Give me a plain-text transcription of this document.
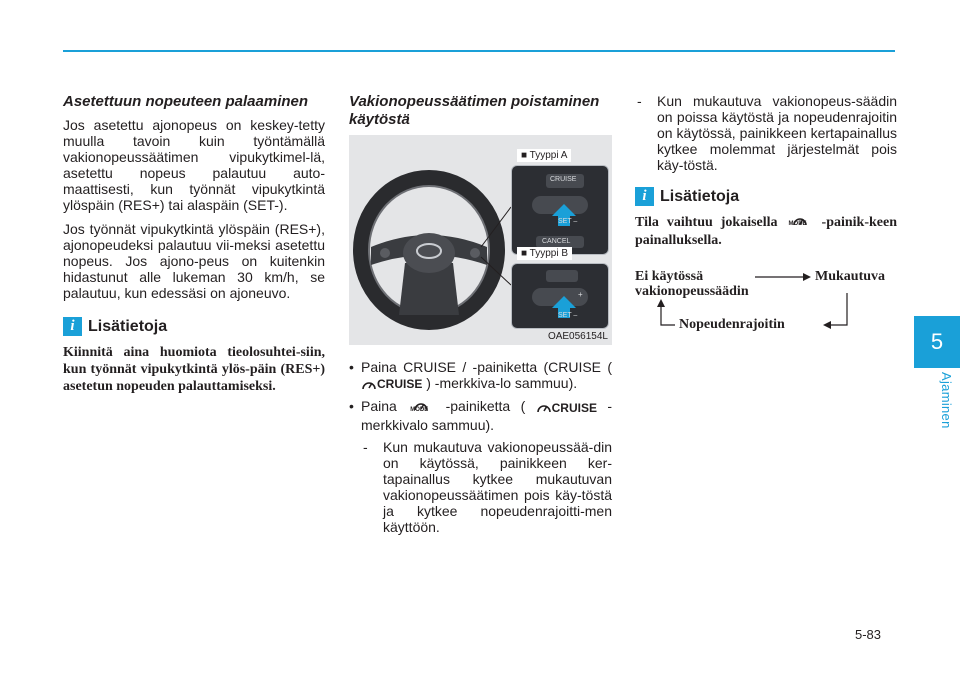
Asetettuun nopeuteen palaaminen

Jos asetettu ajonopeus on keskey-tetty muulla tavoin kuin työntämällä vakionopeussäätimen vipukytkimel-lä, asetettu nopeus palautuu auto-maattisesti, kun työnnät vipukytkintä ylöspäin (RES+) tai alaspäin (SET-).

Jos työnnät vipukytkintä ylöspäin (RES+), ajonopeudeksi palautuu vii-meksi asetettu nopeus. Jos ajono-peus on kuitenkin hidastunut alle lukeman 30 km/h, se palautuu, kun edessäsi on ajoneuvo.

i Lisätietoja

Kiinnitä aina huomiota tieolosuhtei-siin, kun työnnät vipukytkintä ylös-päin (RES+) asetetun nopeuden palauttamiseksi.

Vakionopeussäätimen poistaminen käytöstä
■ Tyyppi A
CRUISE
SET –
CANCEL
■ Tyyppi B
+
SET –
OAE056154L
• Paina CRUISE / -painiketta (CRUISE (
CRUISE ) -merkkiva-lo sammuu).
• Paina MODE -painiketta ( CRUISE -merkkivalo sammuu).
-	Kun mukautuva vakionopeussää-din on käytössä, painikkeen ker-tapainallus kytkee mukautuvan vakionopeussäätimen pois käy-töstä ja kytkee nopeudenrajoitti-men käyttöön.
-	Kun mukautuva vakionopeus-säädin on poissa käytöstä ja nopeudenrajoitin on käytössä, painikkeen kertapainallus kytkee molemmat järjestelmät pois käy-töstä.
i Lisätietoja

Tila vaihtuu jokaisella MODE -painik-keen painalluksella.

Ei käytössä vakionopeussäädin
Mukautuva
Nopeudenrajoitin
5
Ajaminen
5-83
